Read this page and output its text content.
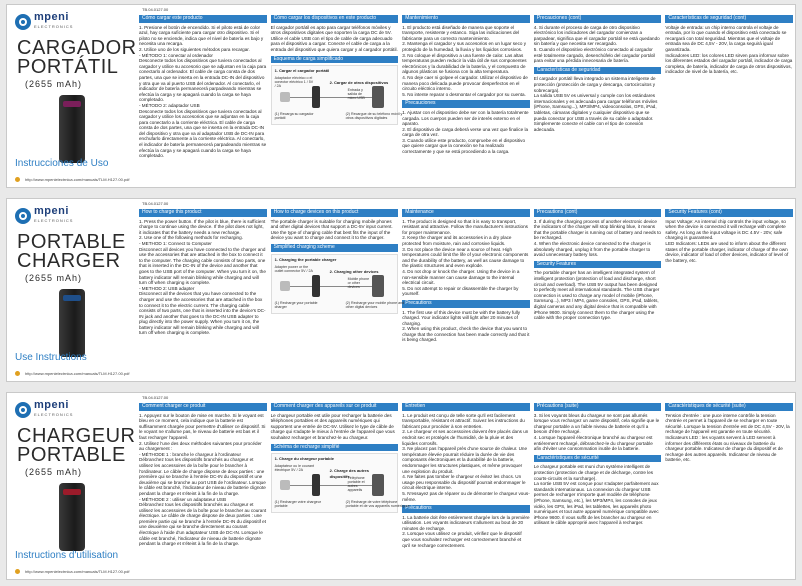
mpeni
ELECTRONICS
CARGADOR PORTÁTIL
(2655 mAh)
Instrucciones de Uso
http://www.mpenielectrnica.com/manuals/TLM.H127.00.pdf
TB.04.0127.00
Cómo cargar este producto
1. Presione el botón de encendido. Si el piloto está de color azul, hay carga suficiente para cargar otro dispositivo. Si el piloto no se enciende, indica que el nivel de batería es bajo y necesita una recarga.
2. Utilice uno de los siguientes métodos para recargar.
- MÉTODO 1: conectar al ordenador
Desconecte todos los dispositivos que tuviera conectados al cargador y utilice su accesorio que se adjuntan en la caja para conectarlo al ordenador. El cable de carga consta de dos partes, una que se inserta en la entrada DC-IN del dispositivo y otra que va al puerto USB del ordenador. Al conectarlo, el indicador de batería permanecerá parpadeando mientras se efectúa la carga y se apagará cuando la carga se haya completado.
- MÉTODO 2: adaptador USB
Desconecte todos los dispositivos que tuviera conectados al cargador y utilice los accesorios que se adjuntan en la caja para conectarlo a la corriente eléctrica. El cable de carga consta de dos partes, una que se inserta en la entrada DC-IN del dispositivo y otra que va al adaptador USB de DC-IN para enchufarlo directamente a la corriente eléctrica. Al conectarlo, el indicador de batería permanecerá parpadeando mientras se efectúa la carga y se apagará cuando la carga se haya completado.
Cómo cargar los dispositivos en este producto
El cargador portátil es apto para cargar teléfonos móviles y otros dispositivos digitales que soporten la carga DC de 5V. Utilice el cable USB con el tipo de cable de carga adecuado para el dispositivo a cargar. Conecte el cable de carga a la entrada del dispositivo que quiera cargar y al cargador portátil.
Esquema de carga simplificado
1. Cargar el cargador portátil
Adaptador eléctrico o el conector eléctrico 1 / 5V / 2A
2. Cargar de otros dispositivos
Entrada y salida de micro USB
(1) Recarga su cargador portátil
(2) Recargue de su teléfono móvil y otros dispositivos digitales
Mantenimiento
1. El producto está diseñado de manera que soporte el transporte, resistente y estanco. Siga las indicaciones del fabricante para un correcto mantenimiento.
2. Mantenga el cargador y sus accesorios en un lugar seco y protegido de la humedad, la lluvia y los líquidos corrosivos.
3. No coloque el dispositivo a una fuente de calor. Las altas temperaturas pueden reducir la vida útil de sus componentes electrónicos y la durabilidad de la batería, y el compuesto de algunos plásticos se fusiona con la alta temperatura.
4. No deje caer ni golpee el cargador. Utilizar el dispositivo de manera poco delicada puede provocar desperfectos en el circuito eléctrico interno.
5. No intente reparar o desmontar el cargador por su cuenta.
Precauciones
1. Ajustar con el dispositivo debe ser con la batería totalmente cargada. Los cuerpos pueden ser de interés externo en el aparato.
2. El dispositivo de carga deberá verse una vez que finalice la carga de otra vez.
3. Cuando utilice este producto, compruebe en el dispositivo que quiere cargar que la conexión se ha realizado correctamente y que se está procediendo a la carga.
Precauciones (cont)
4. Si durante el proceso de carga de otro dispositivo electrónico los indicadores del cargador comienzan a parpadear, significa que el cargador portátil se está quedando sin batería y que necesita ser recargado.
5. Cuando el dispositivo electrónico conectado al cargador esté totalmente cargado, desenchúfelo del cargador portátil para evitar una pérdida innecesaria de batería.
Características de seguridad
El cargador portátil lleva integrado un sistema inteligente de protección (protección de carga y descarga, cortocircuitos y sobrecarga).
La salida USB 5V es universal y cumple con los estándares internacionales y es adecuada para cargar teléfonos móviles (iPhone, Samsung...), MP3/MP4, videoconsolas, GPS, iPad, tabletas, cámaras digitales y cualquier dispositivo que se pueda conectar por USB a través de su cable o adaptador. Simplemente conecte el cable con el tipo de conexión adecuada.
Características de seguridad (cont)
Voltaje de entrada: un chip interno controla el voltaje de entrada, por lo que cuando el dispositivo está conectado se recargará con total seguridad. Mientras que el voltaje de entrada sea de DC 4,5V - 20V, la carga seguirá igual garantizada.
Indicadores LED: los colores LED sirven para informar sobre los diferentes estados del cargador portátil, indicador de carga completa, de batería, indicador de carga de otros dispositivos, indicador de nivel de la batería, etc.
mpeni
ELECTRONICS
PORTABLE CHARGER
(2655 mAh)
Use Instructions
http://www.mpenielectrnica.com/manuals/TLM.H127.00.pdf
TB.04.0127.00
How to charge this product
1. Press the power button. If the pilot is blue, there is sufficient charge to continue using the device. If the pilot does not light, it indicates that the battery needs a new recharge.
2. Use one of the following methods for recharging.
- METHOD 1: Connect to Computer
Disconnect all devices you have connected to the charger and use the accessories that are attached in the box to connect it to the computer. The charging cable consists of two parts, one that is inserted in the DC-IN of the device and another that goes to the USB port of the computer. When you turn it on, the battery indicator will remain blinking while charging and will turn off when charging is complete.
- METHOD 2: USB adapter
Disconnect all the devices that you have connected to the charger and use the accessories that are attached in the box to connect it to the electric current. The charging cable consists of two parts, one that is inserted into the device's DC-IN jack and another that goes to the DC-IN USB adapter to plug directly into the power supply. When you turn it on, the battery indicator will remain blinking while charging and will turn off when charging is complete.
How to charge devices on this product
The portable charger is suitable for charging mobile phones and other digital devices that support a DC-5V input current. Use the type of charging cable that best fits the input of the device you want to charge and connect it to the charger.
Simplified charging scheme
1. Charging the portable charger
Adapter power or the outlet connector 5V / 2A	2. Charging other devices
Mobile phone or other devices
(1) Recharge your portable charger
(2) Recharge your mobile phone and other digital devices
Maintenance
1. The product is designed so that it is easy to transport, resistant and attractive. Follow the manufacturer's instructions for proper maintenance.
2. Keep the charger and its accessories in a dry place protected from moisture, rain and corrosive liquids.
3. Do not place the device near a source of heat. High temperatures could limit the life of your electronic components and the durability of the battery, as well as cause damage to the plastic structures and even explode.
4. Do not drop or knock the charger. Using the device in a non-sensible manner can cause damage to the internal electrical circuit.
5. Do not attempt to repair or disassemble the charger by yourself.
Precautions
1. The first use of this device must be with the battery fully charged. Your indicator lights will light after 20 minutes of charging.
2. When using this product, check the device that you want to charge that the connection has been made correctly and that it is being charged.
Precautions (cont)
3. If during the charging process of another electronic device the indicators of the charger will stop blinking blue, it means that the portable charger is running out of battery and needs to be recharged.
4. When the electronic device connected to the charger is absolutely charged, unplug it from the portable charger to avoid unnecessary battery loss.
Security Features
The portable charger has an intelligent integrated system of intelligent protection (protection of load and discharge, short circuit and overload). The USB 5V output has been designed to perfectly meet all international standards. The USB charger connection is used to charge any model of mobile (iPhone, Samsung...), MP3 / MP4, game consoles, GPS, iPad, tablets, digital cameras and any digital device that is compatible with iPhone 9600. Simply connect them to the charger using the cable with the proper connection type.
Security Features (cont)
Input Voltage: An internal chip controls the input voltage, so when the device is connected it will recharge with complete safety. As long as the input voltage is DC 4.5V - 20V, safe charging is guaranteed.
LED Indicators: LEDs are used to inform about the different states of the portable charger, indicator of charge of the own device, indicator of load of other devices, indicator of level of the battery, etc.
mpeni
ELECTRONICS
CHARGEUR PORTABLE
(2655 mAh)
Instructions d'utilisation
http://www.mpenielectrnica.com/manuals/TLM.H127.00.pdf
TB.04.0127.00
Comment charger ce produit
1. Appuyez sur le bouton de mise en marche. Si le voyant est bleu en ce moment, cela indique que la batterie est suffisamment chargée pour permettre d'utiliser ce dispositif. Si le voyant ne s'allume pas, le niveau de batterie est bas et il faut recharger l'appareil.
2. Utilisez l'une des deux méthodes suivantes pour procéder au chargement :
- MÉTHODE 1 : branche le chargeur à l'ordinateur
Débranchez tous les dispositifs branchés au chargeur et utilisez les accessoires de la boîte pour le brancher à l'ordinateur. Le câble de charge dispose de deux parties : une première qui se branche à l'entrée DC-IN du dispositif et une deuxième qui se branche au port USB de l'ordinateur. Lorsque le câble est branché, l'indicateur de niveau de batterie clignote pendant la charge et s'éteint à la fin de la charge.
- MÉTHODE 2 : utiliser un adaptateur USB
Débranchez tous les dispositifs branchés au chargeur et utilisez les accessoires de la boîte pour le brancher au courant électrique. Le câble de charge dispose de deux parties : une première partie qui se branche à l'entrée DC-IN du dispositif et une deuxième qui se branche directement au courant électrique à l'aide d'un adaptateur USB de DC-IN. Lorsque le câble est branché, l'indicateur de niveau de batterie clignote pendant la charge et s'éteint à la fin de la charge.
Comment charger des appareils sur ce produit
Le chargeur portable est utile pour recharger la batterie des téléphones portables et des appareils numériques qui supportent une entrée de DC-5V. Utilisez le type de câble de charge qui s'adapte le mieux à l'entrée de l'appareil que vous souhaitez recharger et branchez-le au chargeur.
Schéma de recharge simplifié
1. Charge du chargeur portable
Adaptateur ou le courant électrique 5V / 2A	2. Charge des autres dispositifs
Téléphone portable et autres appareils
(1) Recharger votre chargeur portable
(2) Recharge de votre téléphone portable et de vos appareils numériques
Entretien
1. Le produit est conçu de telle sorte qu'il est facilement transportable, résistant et attractif. Suivez les instructions du fabricant pour procéder à son entretien.
2. Le chargeur et ses accessoires doivent être placés dans un endroit sec et protégés de l'humidité, de la pluie et des liquides corrosifs.
3. Ne placez pas l'appareil près d'une source de chaleur. Une température élevée pourrait réduire la durée de vie des composants électroniques et la durabilité de la batterie, endommager les structures plastiques, et même provoquer une explosion du produit.
4. Ne faites pas tomber le chargeur et évitez les chocs. Un usage peu responsable du dispositif pourrait endommager le circuit électrique interne.
5. N'essayez pas de réparer ou de démonter le chargeur vous-même.
Précautions
1. La batterie doit être entièrement chargée lors de la première utilisation. Les voyants indicateurs s'allument au bout de 20 minutes de recharge.
2. Lorsque vous utilisez ce produit, vérifiez que le dispositif que vous souhaitez recharger est correctement branché et qu'il se recharge correctement.
Précautions (suite)
3. Si les voyants bleus du chargeur ne sont pas allumés lorsque vous rechargez un autre dispositif, cela signifie que le chargeur portable a un faible niveau de batterie et qu'il a besoin d'être rechargé.
4. Lorsque l'appareil électronique branché au chargeur est entièrement rechargé, débranchez-le du chargeur portable afin d'éviter une consommation inutile de la batterie.
Caractéristiques de sécurité
Le chargeur portable est muni d'un système intelligent de protection (protection de charge et de décharge, contre les courts-circuits et la surcharge).
La sortie USB 5V est conçue pour s'adapter parfaitement aux standards internationaux. La connexion du chargeur USB permet de recharger n'importe quel modèle de téléphone (iPhone, Samsung, etc.), les MP3/MP4, les consoles de jeux vidéo, les GPS, les iPad, les tablettes, les appareils photo numériques et tout autre appareil numérique compatible avec iPhone 9600. Il vous suffit de les brancher au chargeur en utilisant le câble approprié avec l'appareil à recharger.
Caractéristiques de sécurité (suite)
Tension d'entrée : une puce interne contrôle la tension d'entrée et permet à l'appareil de se recharger en toute sécurité. Lorsque la tension d'entrée est de DC 4,5V - 20V, la recharge de l'appareil est garantie en toute sécurité.
Indicateurs LED : les voyants servent à LED servent à informer des différents états ou niveaux de batterie du chargeur portable. Indicateur de charge du dispositif et de recharge des autres appareils. Indicateur de niveau de batterie, etc.
